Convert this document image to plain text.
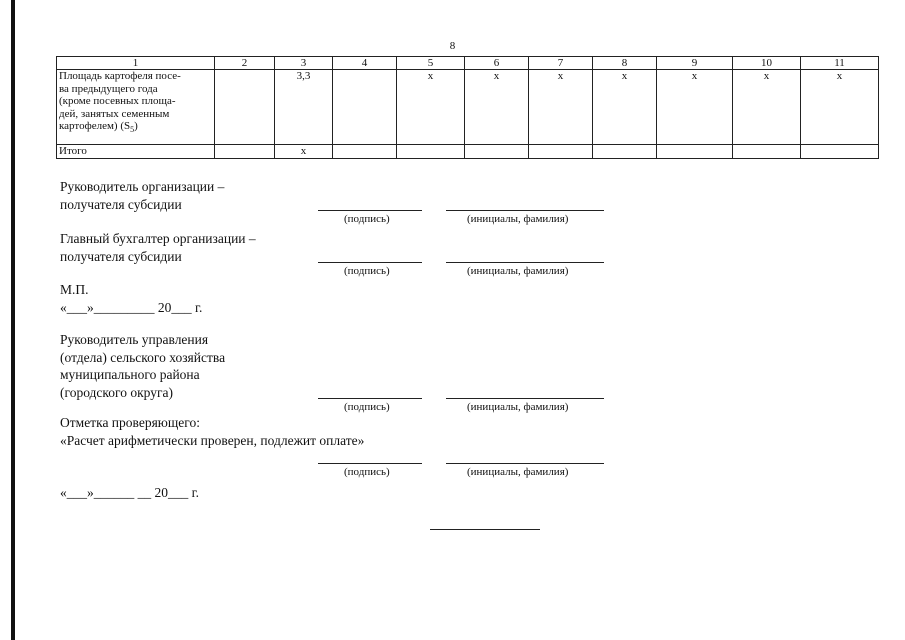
8
1	2	3	4	5	6	7	8	9	10	11

Площадь картофеля посе-
ва предыдущего года
(кроме посевных площа-
дей, занятых семенным
картофелем) $(S_5)$		3,3		x	x	x	x	x	x	x
Итого		x								
Руководитель организации –
получателя субсидии
(подпись)	(инициалы, фамилия)
Главный бухгалтер организации –
получателя субсидии
(подпись)	(инициалы, фамилия)
М.П.
«___»_________ 20___ г.
Руководитель управления
(отдела) сельского хозяйства
муниципального района
(городского округа)
(подпись)	(инициалы, фамилия)
Отметка проверяющего:
«Расчет арифметически проверен, подлежит оплате»
(подпись)	(инициалы, фамилия)
«___»______ __ 20___ г.
